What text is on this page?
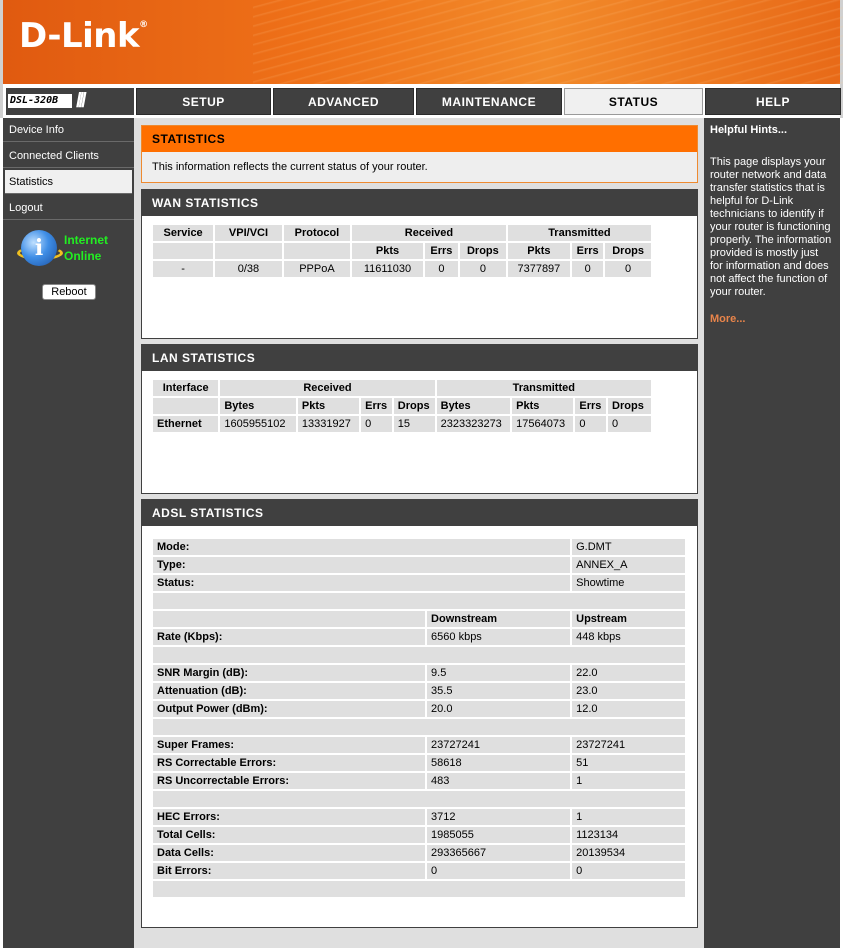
D-Link®
DSL-320B ///	SETUP	ADVANCED	MAINTENANCE	STATUS	HELP
Device Info
Connected Clients
Statistics
Logout
i	Internet
Online
Reboot
STATISTICS
This information reflects the current status of your router.
WAN STATISTICS
Service	VPI/VCI	Protocol	Received			Transmitted		
			Pkts	Errs	Drops	Pkts	Errs	Drops
-	0/38	PPPoA	11611030	0	0	7377897	0	0
LAN STATISTICS
Interface	Received				Transmitted			
	Bytes	Pkts	Errs	Drops	Bytes	Pkts	Errs	Drops
Ethernet	1605955102	13331927	0	15	2323323273	17564073	0	0
ADSL STATISTICS
Mode:		G.DMT
Type:		ANNEX_A
Status:		Showtime

	Downstream	Upstream
Rate (Kbps):	6560 kbps	448 kbps

SNR Margin (dB):	9.5	22.0
Attenuation (dB):	35.5	23.0
Output Power (dBm):	20.0	12.0

Super Frames:	23727241	23727241
RS Correctable Errors:	58618	51
RS Uncorrectable Errors:	483	1

HEC Errors:	3712	1
Total Cells:	1985055	1123134
Data Cells:	293365667	20139534
Bit Errors:	0	0

Helpful Hints...
This page displays your router network and data transfer statistics that is helpful for D-Link technicians to identify if your router is functioning properly. The information provided is mostly just for information and does not affect the function of your router.
More...
